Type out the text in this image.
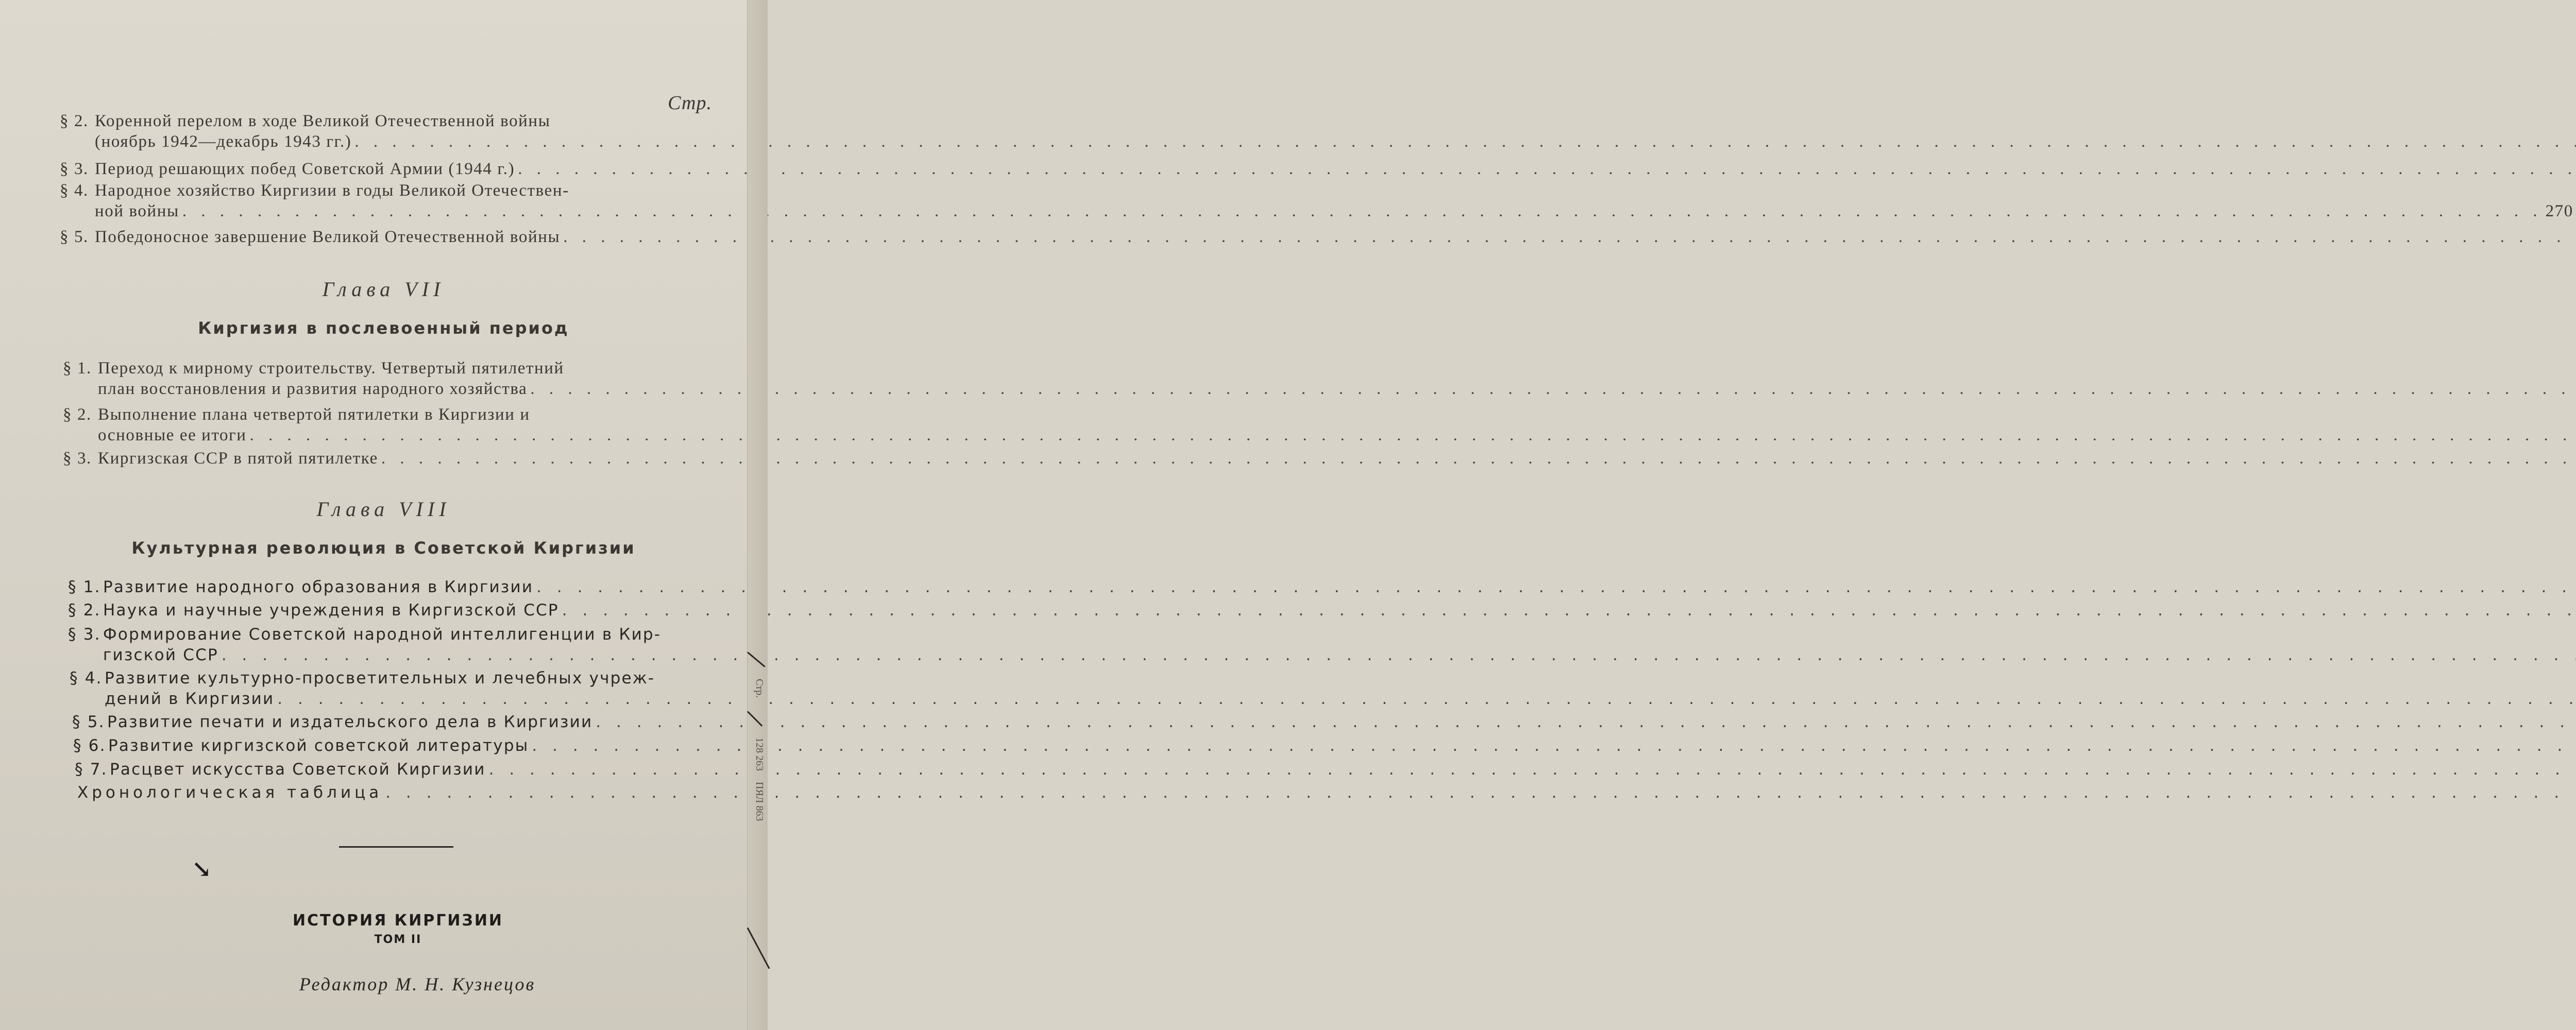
Стр.
§ 2. Коренной перелом в ходе Великой Отечественной войны
(ноябрь 1942—декабрь 1943 гг.)
. . .
§ 3. Период решающих побед Советской Армии (1944 г.)
. . .
§ 4. Народное хозяйство Киргизии в годы Великой Отечествен-
ной войны
. . .	270
§ 5. Победоносное завершение Великой Отечественной войны
. . .
Глава VII
Киргизия в послевоенный период
§ 1. Переход к мирному строительству. Четвертый пятилетний
план восстановления и развития народного хозяйства
. . .
§ 2. Выполнение плана четвертой пятилетки в Киргизии и
основные ее итоги
. . .
§ 3. Киргизская ССР в пятой пятилетке
. . .
Глава VIII
Культурная революция в Советской Киргизии
§ 1. Развитие народного образования в Киргизии
. . .
§ 2. Наука и научные учреждения в Киргизской ССР
. . .
§ 3. Формирование Советской народной интеллигенции в Кир-
гизской ССР
. . .
§ 4. Развитие культурно-просветительных и лечебных учреж-
дений в Киргизии
. . .
§ 5. Развитие печати и издательского дела в Киргизии
. . .
§ 6. Развитие киргизской советской литературы
. . .
§ 7. Расцвет искусства Советской Киргизии
. . .
Хронологическая таблица
. . .
↘
ИСТОРИЯ КИРГИЗИИ
ТОМ II
Редактор М. Н. Кузнецов
Стр.
128 263
ПЯЛ 863
